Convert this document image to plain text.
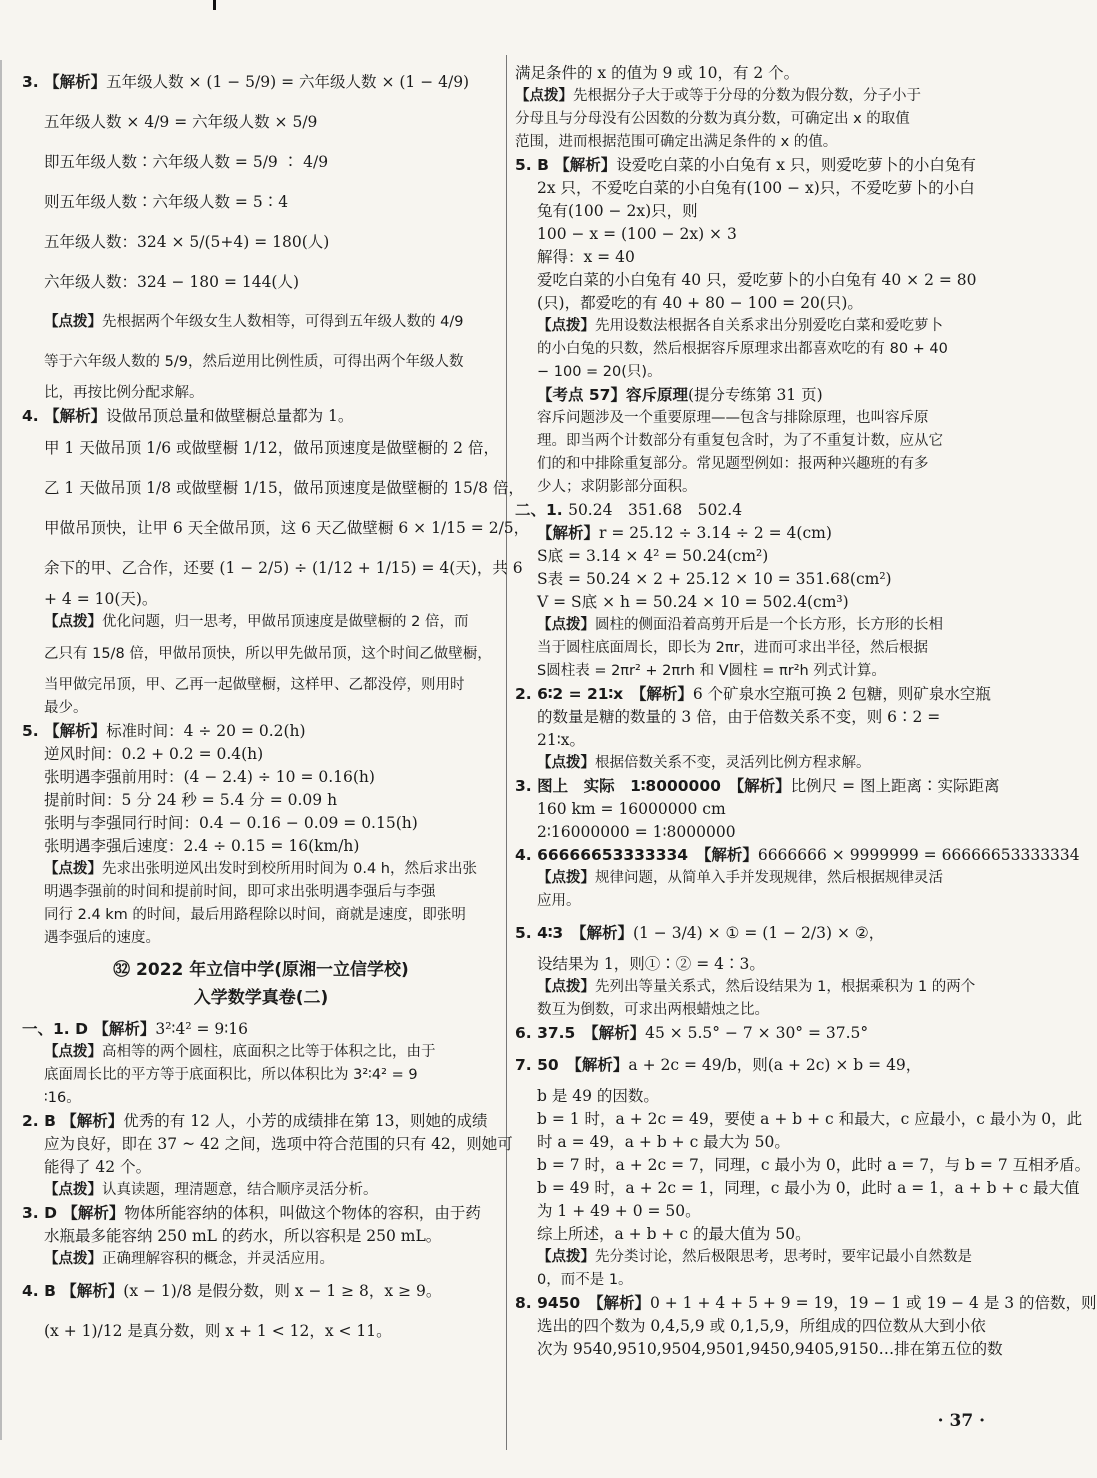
3. 【解析】五年级人数 × (1 − 5/9) = 六年级人数 × (1 − 4/9)
五年级人数 × 4/9 = 六年级人数 × 5/9
即五年级人数∶六年级人数 = 5/9 ∶ 4/9
则五年级人数∶六年级人数 = 5∶4
五年级人数：324 × 5/(5+4) = 180(人)
六年级人数：324 − 180 = 144(人)
【点拨】先根据两个年级女生人数相等，可得到五年级人数的 4/9
等于六年级人数的 5/9，然后逆用比例性质，可得出两个年级人数
比，再按比例分配求解。
4. 【解析】设做吊顶总量和做壁橱总量都为 1。
甲 1 天做吊顶 1/6 或做壁橱 1/12，做吊顶速度是做壁橱的 2 倍，
乙 1 天做吊顶 1/8 或做壁橱 1/15，做吊顶速度是做壁橱的 15/8 倍，
甲做吊顶快，让甲 6 天全做吊顶，这 6 天乙做壁橱 6 × 1/15 = 2/5，
余下的甲、乙合作，还要 (1 − 2/5) ÷ (1/12 + 1/15) = 4(天)，共 6
+ 4 = 10(天)。
【点拨】优化问题，归一思考，甲做吊顶速度是做壁橱的 2 倍，而
乙只有 15/8 倍，甲做吊顶快，所以甲先做吊顶，这个时间乙做壁橱，
当甲做完吊顶，甲、乙再一起做壁橱，这样甲、乙都没停，则用时
最少。
5. 【解析】标准时间：4 ÷ 20 = 0.2(h)
逆风时间：0.2 + 0.2 = 0.4(h)
张明遇李强前用时：(4 − 2.4) ÷ 10 = 0.16(h)
提前时间：5 分 24 秒 = 5.4 分 = 0.09 h
张明与李强同行时间：0.4 − 0.16 − 0.09 = 0.15(h)
张明遇李强后速度：2.4 ÷ 0.15 = 16(km/h)
【点拨】先求出张明逆风出发时到校所用时间为 0.4 h，然后求出张
明遇李强前的时间和提前时间，即可求出张明遇李强后与李强
同行 2.4 km 的时间，最后用路程除以时间，商就是速度，即张明
遇李强后的速度。
㉜ 2022 年立信中学(原湘一立信学校)
入学数学真卷(二)
一、1. D 【解析】3²∶4² = 9∶16
【点拨】高相等的两个圆柱，底面积之比等于体积之比，由于
底面周长比的平方等于底面积比，所以体积比为 3²∶4² = 9
∶16。
2. B 【解析】优秀的有 12 人，小芳的成绩排在第 13，则她的成绩
应为良好，即在 37 ~ 42 之间，选项中符合范围的只有 42，则她可
能得了 42 个。
【点拨】认真读题，理清题意，结合顺序灵活分析。
3. D 【解析】物体所能容纳的体积，叫做这个物体的容积，由于药
水瓶最多能容纳 250 mL 的药水，所以容积是 250 mL。
【点拨】正确理解容积的概念，并灵活应用。
4. B 【解析】(x − 1)/8 是假分数，则 x − 1 ≥ 8，x ≥ 9。
(x + 1)/12 是真分数，则 x + 1 < 12，x < 11。
满足条件的 x 的值为 9 或 10，有 2 个。
【点拨】先根据分子大于或等于分母的分数为假分数，分子小于
分母且与分母没有公因数的分数为真分数，可确定出 x 的取值
范围，进而根据范围可确定出满足条件的 x 的值。
5. B 【解析】设爱吃白菜的小白兔有 x 只，则爱吃萝卜的小白兔有
2x 只，不爱吃白菜的小白兔有(100 − x)只，不爱吃萝卜的小白
兔有(100 − 2x)只，则
100 − x = (100 − 2x) × 3
解得：x = 40
爱吃白菜的小白兔有 40 只，爱吃萝卜的小白兔有 40 × 2 = 80
(只)，都爱吃的有 40 + 80 − 100 = 20(只)。
【点拨】先用设数法根据各自关系求出分别爱吃白菜和爱吃萝卜
的小白兔的只数，然后根据容斥原理求出都喜欢吃的有 80 + 40
− 100 = 20(只)。
【考点 57】容斥原理(提分专练第 31 页)
容斥问题涉及一个重要原理——包含与排除原理，也叫容斥原
理。即当两个计数部分有重复包含时，为了不重复计数，应从它
们的和中排除重复部分。常见题型例如：报两种兴趣班的有多
少人；求阴影部分面积。
二、1. 50.24　351.68　502.4
【解析】r = 25.12 ÷ 3.14 ÷ 2 = 4(cm)
S底 = 3.14 × 4² = 50.24(cm²)
S表 = 50.24 × 2 + 25.12 × 10 = 351.68(cm²)
V = S底 × h = 50.24 × 10 = 502.4(cm³)
【点拨】圆柱的侧面沿着高剪开后是一个长方形，长方形的长相
当于圆柱底面周长，即长为 2πr，进而可求出半径，然后根据
S圆柱表 = 2πr² + 2πrh 和 V圆柱 = πr²h 列式计算。
2. 6∶2 = 21∶x　【解析】6 个矿泉水空瓶可换 2 包糖，则矿泉水空瓶
的数量是糖的数量的 3 倍，由于倍数关系不变，则 6∶2 =
21∶x。
【点拨】根据倍数关系不变，灵活列比例方程求解。
3. 图上　实际　1∶8000000　【解析】比例尺 = 图上距离∶实际距离
160 km = 16000000 cm
2∶16000000 = 1∶8000000
4. 66666653333334　【解析】6666666 × 9999999 = 66666653333334
【点拨】规律问题，从简单入手并发现规律，然后根据规律灵活
应用。
5. 4∶3　【解析】(1 − 3/4) × ① = (1 − 2/3) × ②，
设结果为 1，则①∶② = 4∶3。
【点拨】先列出等量关系式，然后设结果为 1，根据乘积为 1 的两个
数互为倒数，可求出两根蜡烛之比。
6. 37.5　【解析】45 × 5.5° − 7 × 30° = 37.5°
7. 50　【解析】a + 2c = 49/b，则(a + 2c) × b = 49，
b 是 49 的因数。
b = 1 时，a + 2c = 49，要使 a + b + c 和最大，c 应最小，c 最小为 0，此
时 a = 49，a + b + c 最大为 50。
b = 7 时，a + 2c = 7，同理，c 最小为 0，此时 a = 7，与 b = 7 互相矛盾。
b = 49 时，a + 2c = 1，同理，c 最小为 0，此时 a = 1，a + b + c 最大值
为 1 + 49 + 0 = 50。
综上所述，a + b + c 的最大值为 50。
【点拨】先分类讨论，然后极限思考，思考时，要牢记最小自然数是
0，而不是 1。
8. 9450　【解析】0 + 1 + 4 + 5 + 9 = 19，19 − 1 或 19 − 4 是 3 的倍数，则
选出的四个数为 0,4,5,9 或 0,1,5,9，所组成的四位数从大到小依
次为 9540,9510,9504,9501,9450,9405,9150…排在第五位的数
· 37 ·
